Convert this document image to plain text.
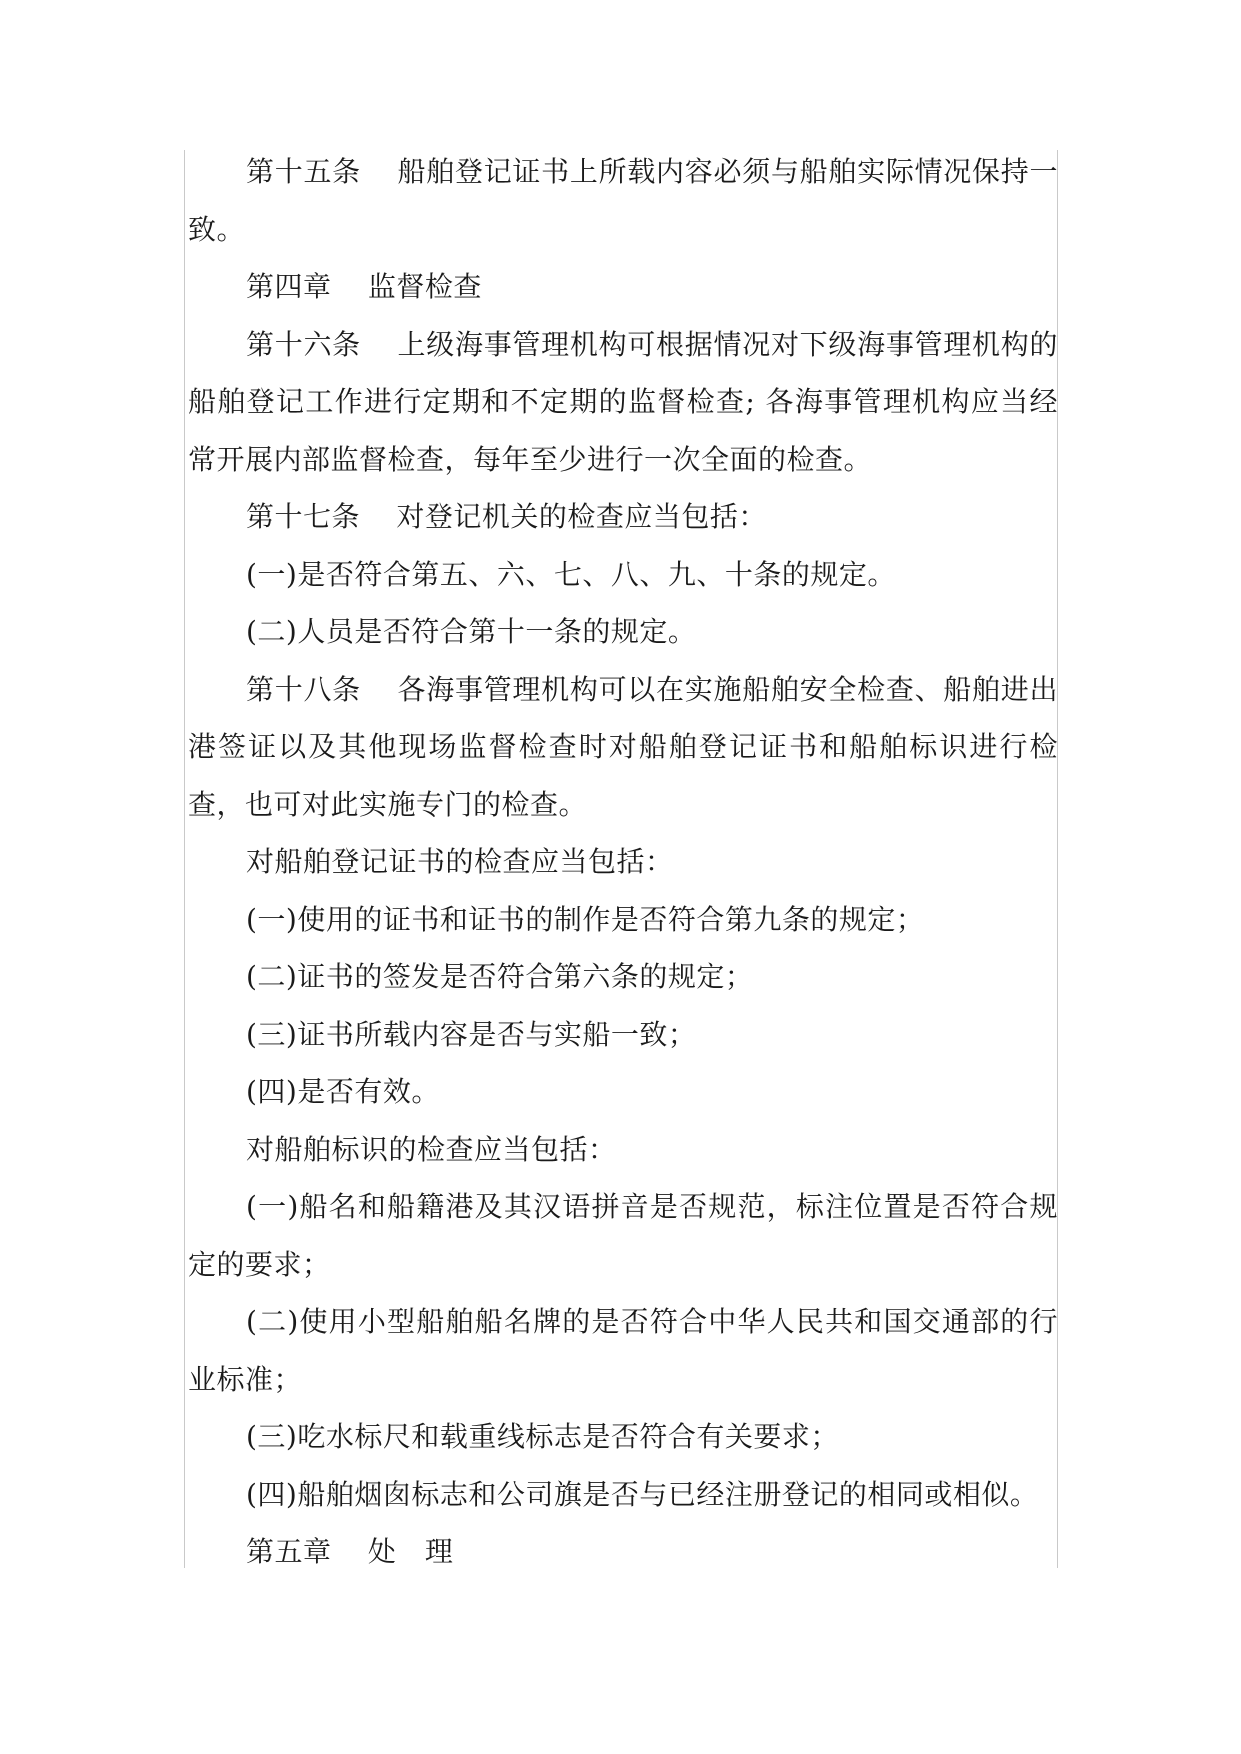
第十五条 船舶登记证书上所载内容必须与船舶实际情况保持一致。

第四章 监督检查

第十六条 上级海事管理机构可根据情况对下级海事管理机构的船舶登记工作进行定期和不定期的监督检查; 各海事管理机构应当经常开展内部监督检查，每年至少进行一次全面的检查。

第十七条 对登记机关的检查应当包括：

(一)是否符合第五、六、七、八、九、十条的规定。

(二)人员是否符合第十一条的规定。

第十八条 各海事管理机构可以在实施船舶安全检查、船舶进出港签证以及其他现场监督检查时对船舶登记证书和船舶标识进行检查，也可对此实施专门的检查。

对船舶登记证书的检查应当包括：

(一)使用的证书和证书的制作是否符合第九条的规定；

(二)证书的签发是否符合第六条的规定；

(三)证书所载内容是否与实船一致；

(四)是否有效。

对船舶标识的检查应当包括：

(一)船名和船籍港及其汉语拼音是否规范，标注位置是否符合规定的要求；

(二)使用小型船舶船名牌的是否符合中华人民共和国交通部的行业标准；

(三)吃水标尺和载重线标志是否符合有关要求；

(四)船舶烟囱标志和公司旗是否与已经注册登记的相同或相似。

第五章 处　理
